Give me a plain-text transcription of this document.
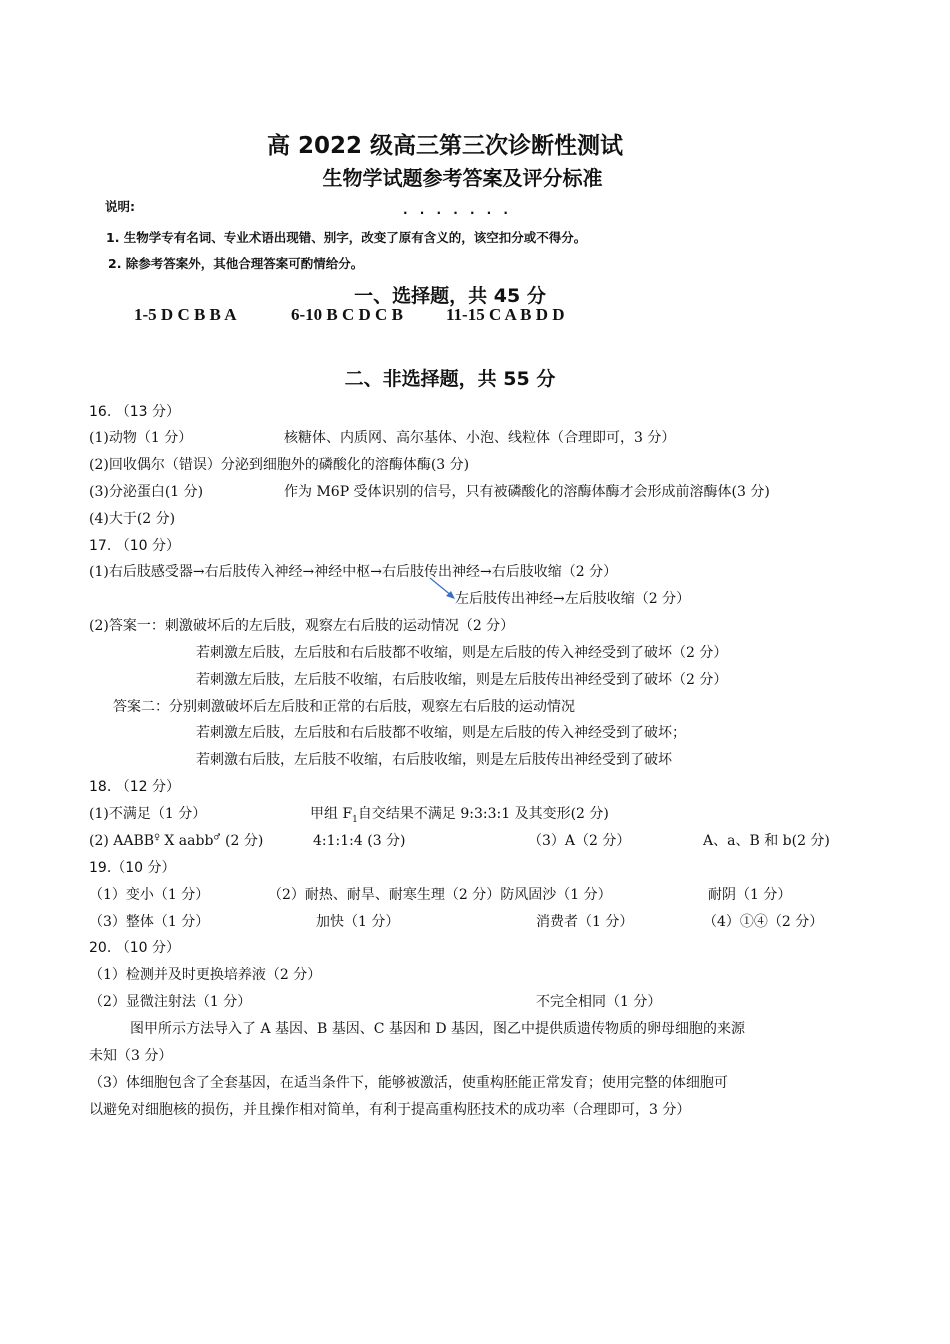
高 2022 级高三第三次诊断性测试
生物学试题参考答案及评分标准
说明:	. . . . . . .
1. 生物学专有名词、专业术语出现错、别字，改变了原有含义的，该空扣分或不得分。
2. 除参考答案外，其他合理答案可酌情给分。
一、选择题，共 45 分
1-5 D C B B A	6-10 B C D C B	11-15 C A B D D
二、非选择题，共 55 分
16. （13 分）
(1)动物（1 分）	核糖体、内质网、高尔基体、小泡、线粒体（合理即可，3 分）
(2)回收偶尔（错误）分泌到细胞外的磷酸化的溶酶体酶(3 分)
(3)分泌蛋白(1 分)	作为 M6P 受体识别的信号，只有被磷酸化的溶酶体酶才会形成前溶酶体(3 分)
(4)大于(2 分)
17. （10 分）
(1)右后肢感受器→右后肢传入神经→神经中枢→右后肢传出神经→右后肢收缩（2 分）
左后肢传出神经→左后肢收缩（2 分）
(2)答案一：刺激破坏后的左后肢，观察左右后肢的运动情况（2 分）
若刺激左后肢，左后肢和右后肢都不收缩，则是左后肢的传入神经受到了破坏（2 分）
若刺激左后肢，左后肢不收缩，右后肢收缩，则是左后肢传出神经受到了破坏（2 分）
答案二：分别刺激破坏后左后肢和正常的右后肢，观察左右后肢的运动情况
若刺激左后肢，左后肢和右后肢都不收缩，则是左后肢的传入神经受到了破坏；
若刺激右后肢，左后肢不收缩，右后肢收缩，则是左后肢传出神经受到了破坏
18. （12 分）
(1)不满足（1 分）	甲组 $F_1$自交结果不满足 9:3:3:1 及其变形(2 分)
(2) AABB♀ X aabb♂ (2 分)	4:1:1:4 (3 分)	（3）A（2 分）	A、a、B 和 b(2 分)
19.（10 分）
（1）变小（1 分）	（2）耐热、耐旱、耐寒生理（2 分）防风固沙（1 分）	耐阴（1 分）
（3）整体（1 分）	加快（1 分）	消费者（1 分）	（4）①④（2 分）
20. （10 分）
（1）检测并及时更换培养液（2 分）
（2）显微注射法（1 分）	不完全相同（1 分）
图甲所示方法导入了 A 基因、B 基因、C 基因和 D 基因，图乙中提供质遗传物质的卵母细胞的来源
未知（3 分）
（3）体细胞包含了全套基因，在适当条件下，能够被激活，使重构胚能正常发育；使用完整的体细胞可
以避免对细胞核的损伤，并且操作相对简单，有利于提高重构胚技术的成功率（合理即可，3 分）
